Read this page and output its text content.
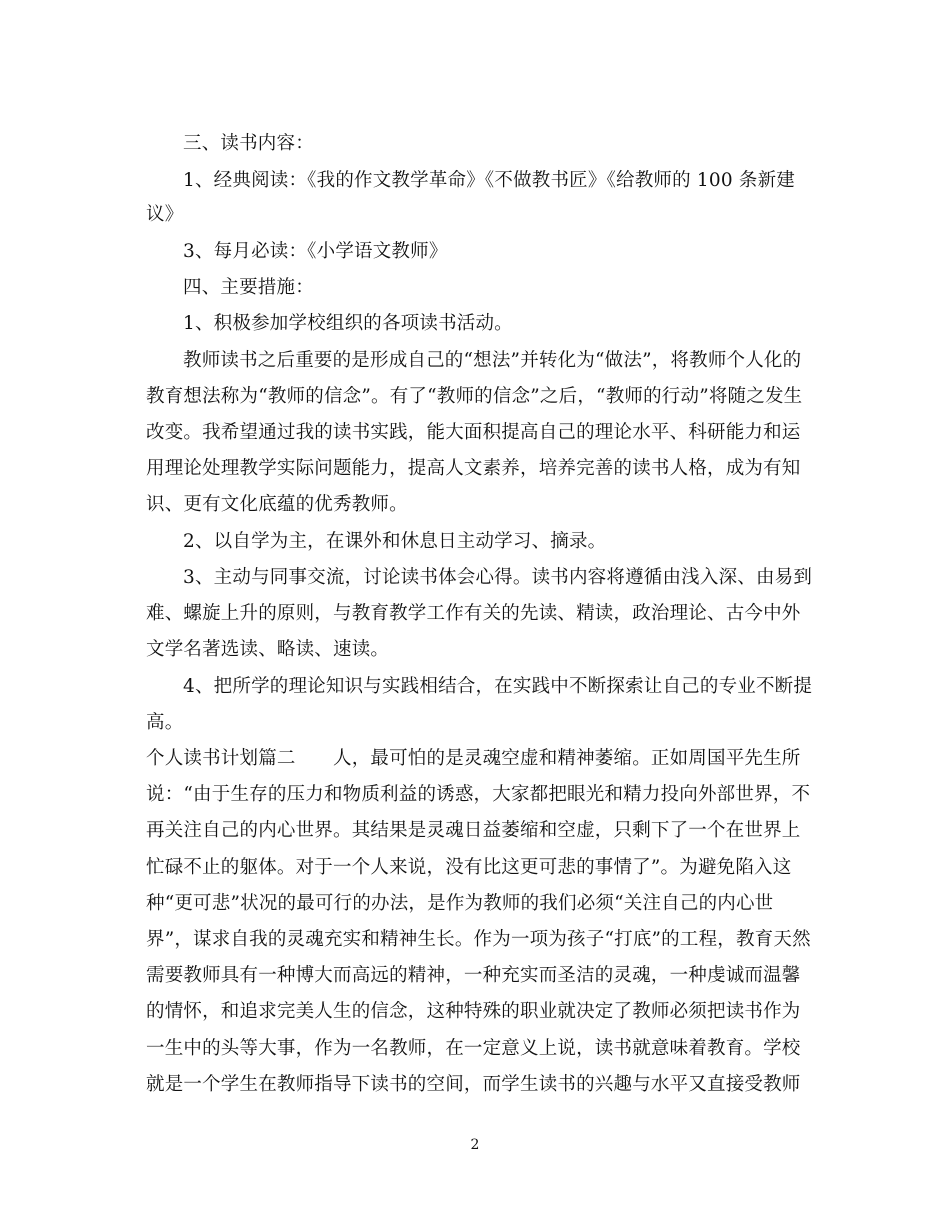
三、读书内容：
1、经典阅读：《我的作文教学革命》《不做教书匠》《给教师的 100 条新建
议》
3、每月必读：《小学语文教师》
四、主要措施：
1、积极参加学校组织的各项读书活动。
教师读书之后重要的是形成自己的“想法”并转化为“做法”，将教师个人化的
教育想法称为“教师的信念”。有了“教师的信念”之后，“教师的行动”将随之发生
改变。我希望通过我的读书实践，能大面积提高自己的理论水平、科研能力和运
用理论处理教学实际问题能力，提高人文素养，培养完善的读书人格，成为有知
识、更有文化底蕴的优秀教师。
2、以自学为主，在课外和休息日主动学习、摘录。
3、主动与同事交流，讨论读书体会心得。读书内容将遵循由浅入深、由易到
难、螺旋上升的原则，与教育教学工作有关的先读、精读，政治理论、古今中外
文学名著选读、略读、速读。
4、把所学的理论知识与实践相结合，在实践中不断探索让自己的专业不断提
高。
个人读书计划篇二　　人，最可怕的是灵魂空虚和精神萎缩。正如周国平先生所
说：“由于生存的压力和物质利益的诱惑，大家都把眼光和精力投向外部世界，不
再关注自己的内心世界。其结果是灵魂日益萎缩和空虚，只剩下了一个在世界上
忙碌不止的躯体。对于一个人来说，没有比这更可悲的事情了”。为避免陷入这
种“更可悲”状况的最可行的办法，是作为教师的我们必须“关注自己的内心世
界”，谋求自我的灵魂充实和精神生长。作为一项为孩子“打底”的工程，教育天然
需要教师具有一种博大而高远的精神，一种充实而圣洁的灵魂，一种虔诚而温馨
的情怀，和追求完美人生的信念，这种特殊的职业就决定了教师必须把读书作为
一生中的头等大事，作为一名教师，在一定意义上说，读书就意味着教育。学校
就是一个学生在教师指导下读书的空间，而学生读书的兴趣与水平又直接受教师
2
